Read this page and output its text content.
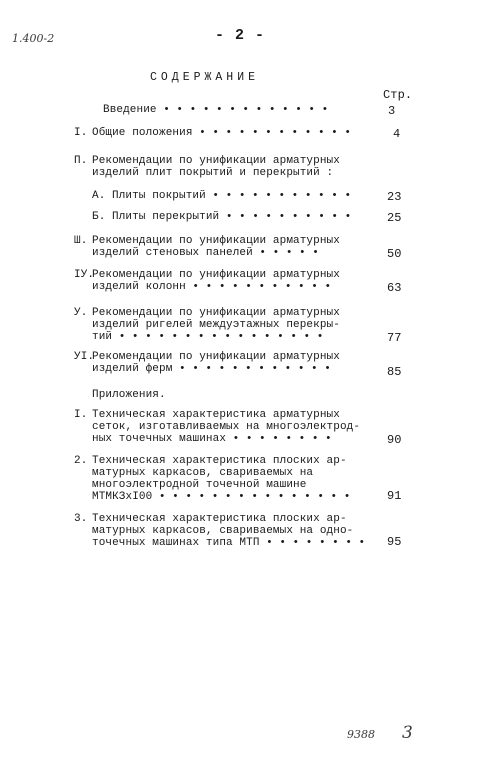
1.400-2	- 2 -
СОДЕРЖАНИЕ
Стр.
Введение • • • • • • • • • • • • •	3
I. Общие положения • • • • • • • • • • • •	4
П. Рекомендации по унификации арматурных
изделий плит покрытий и перекрытий :
А. Плиты покрытий • • • • • • • • • • •	23
Б. Плиты перекрытий • • • • • • • • • •	25
Ш. Рекомендации по унификации арматурных
изделий стеновых панелей • • • • •	50
IУ.
Рекомендации по унификации арматурных
изделий колонн • • • • • • • • • • •	63
У. Рекомендации по унификации арматурных
изделий ригелей междуэтажных перекры-
тий • • • • • • • • • • • • • • • •	77
УI.
Рекомендации по унификации арматурных
изделий ферм • • • • • • • • • • • •	85
Приложения.
I. Техническая характеристика арматурных
сеток, изготавливаемых на многоэлектрод-
ных точечных машинах • • • • • • • •	90
2. Техническая характеристика плоских ар-
матурных каркасов, свариваемых на
многоэлектродной точечной машине
МТМКЗхI00 • • • • • • • • • • • • • • •	91
3. Техническая характеристика плоских ар-
матурных каркасов, свариваемых на одно-
точечных машинах типа МТП • • • • • • • • 95
9388 3
